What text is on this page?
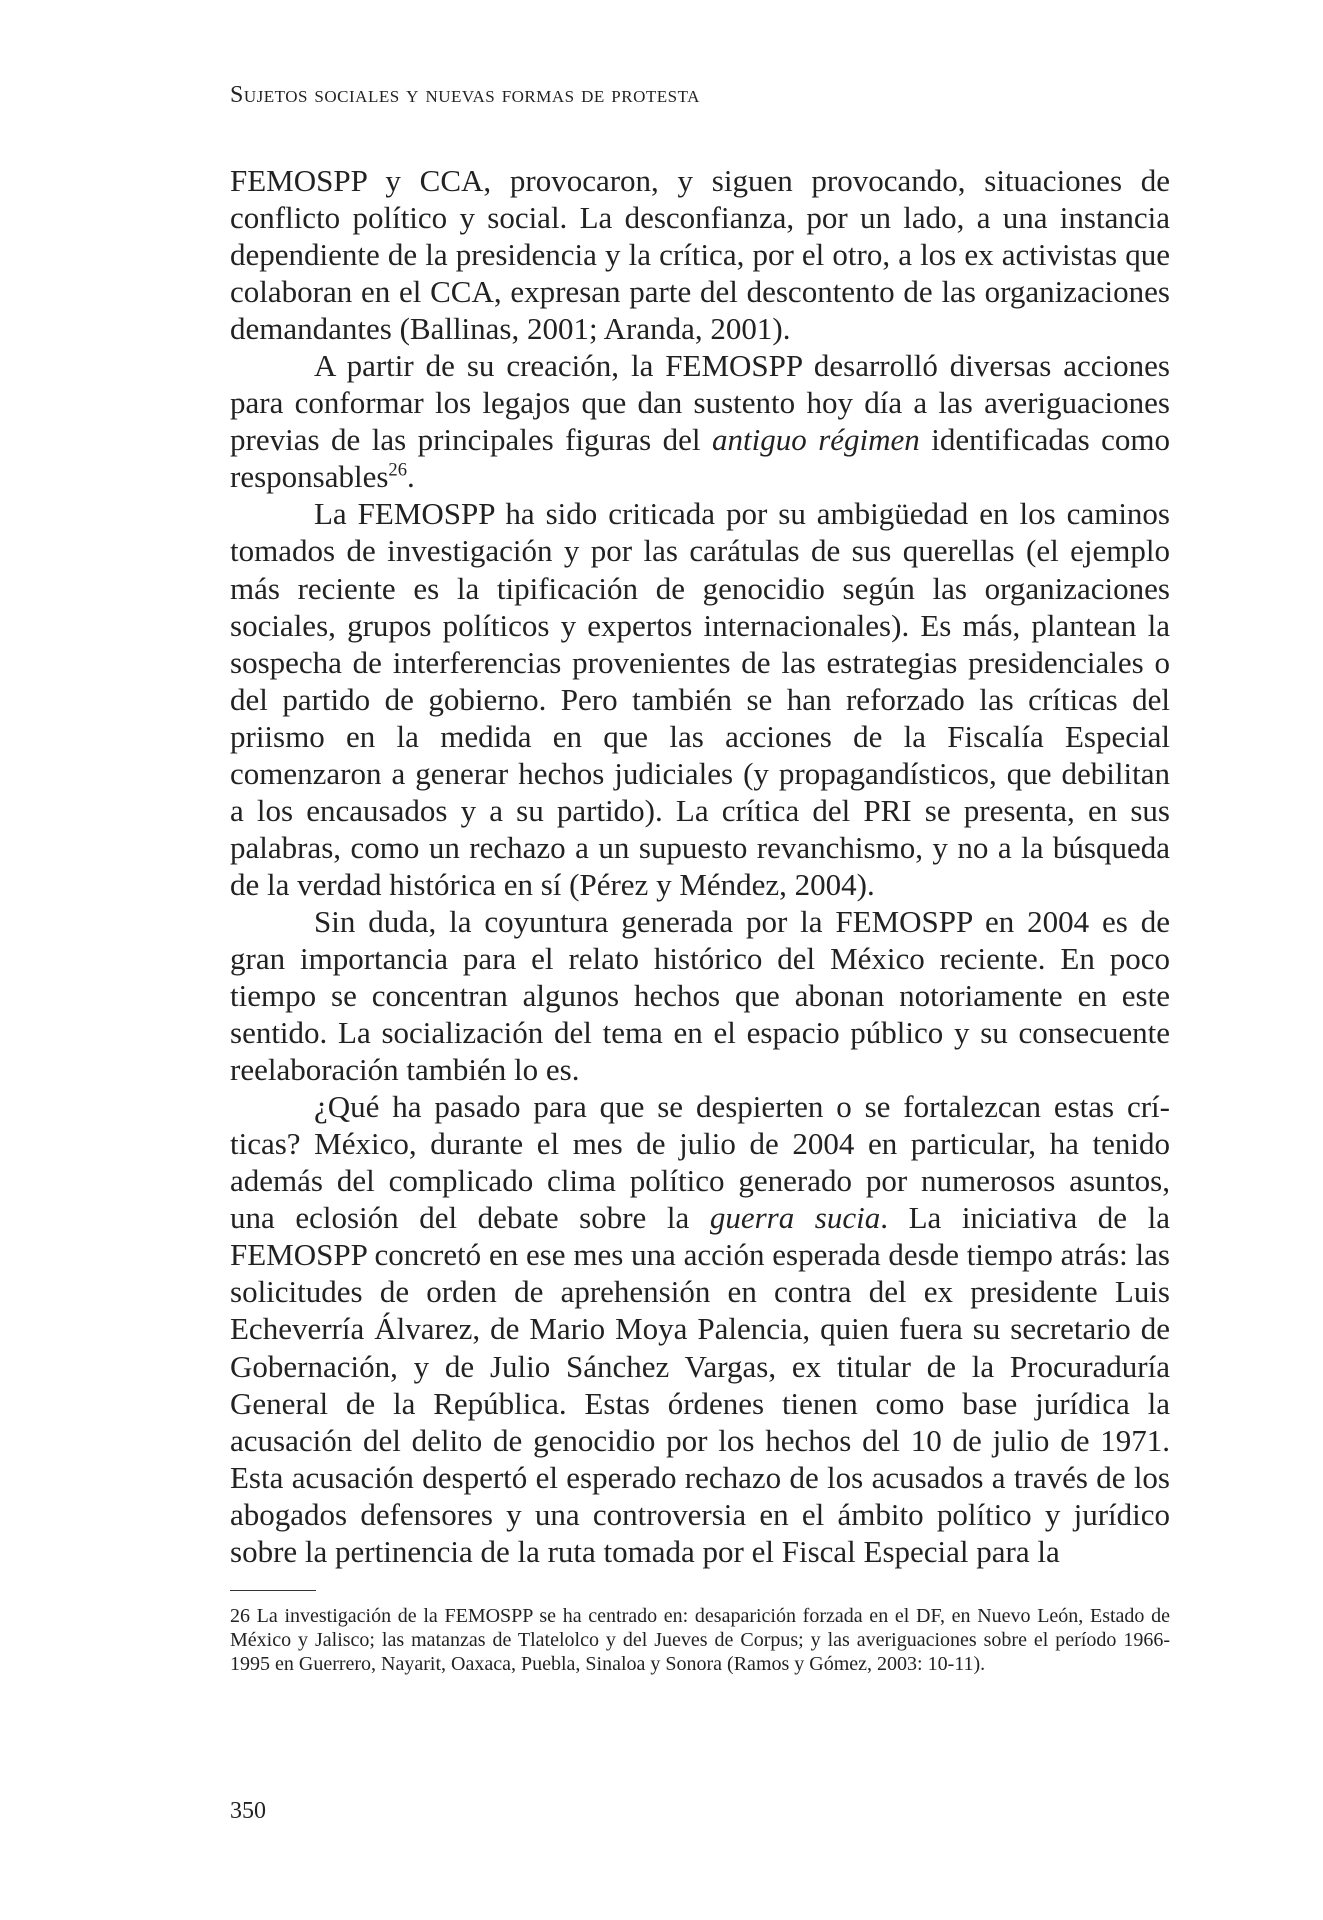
Sujetos sociales y nuevas formas de protesta

FEMOSPP y CCA, provocaron, y siguen provocando, situaciones de conflicto político y social. La desconfianza, por un lado, a una instancia dependiente de la presidencia y la crítica, por el otro, a los ex activistas que colaboran en el CCA, expresan parte del descontento de las organizaciones demandantes (Ballinas, 2001; Aranda, 2001).

A partir de su creación, la FEMOSPP desarrolló diversas acciones para conformar los legajos que dan sustento hoy día a las averiguaciones previas de las principales figuras del antiguo régimen identificadas como responsables$^{26}$.

La FEMOSPP ha sido criticada por su ambigüedad en los caminos tomados de investigación y por las carátulas de sus querellas (el ejemplo más reciente es la tipificación de genocidio según las organizaciones sociales, grupos políticos y expertos internacionales). Es más, plantean la sospecha de interferencias provenientes de las estrategias presidenciales o del partido de gobierno. Pero también se han reforzado las críticas del priismo en la medida en que las acciones de la Fiscalía Especial comenzaron a generar hechos judiciales (y propagandísticos, que debilitan a los encausados y a su partido). La crítica del PRI se presenta, en sus palabras, como un rechazo a un supuesto revanchismo, y no a la búsqueda de la verdad histórica en sí (Pérez y Méndez, 2004).

Sin duda, la coyuntura generada por la FEMOSPP en 2004 es de gran importancia para el relato histórico del México reciente. En poco tiempo se concentran algunos hechos que abonan notoriamente en este sentido. La socialización del tema en el espacio público y su consecuente reelaboración también lo es.

¿Qué ha pasado para que se despierten o se fortalezcan estas críticas? México, durante el mes de julio de 2004 en particular, ha tenido además del complicado clima político generado por numerosos asuntos, una eclosión del debate sobre la guerra sucia. La iniciativa de la FEMOSPP concretó en ese mes una acción esperada desde tiempo atrás: las solicitudes de orden de aprehensión en contra del ex presidente Luis Echeverría Álvarez, de Mario Moya Palencia, quien fuera su secretario de Gobernación, y de Julio Sánchez Vargas, ex titular de la Procuraduría General de la República. Estas órdenes tienen como base jurídica la acusación del delito de genocidio por los hechos del 10 de julio de 1971. Esta acusación despertó el esperado rechazo de los acusados a través de los abogados defensores y una controversia en el ámbito político y jurídico sobre la pertinencia de la ruta tomada por el Fiscal Especial para la

26 La investigación de la FEMOSPP se ha centrado en: desaparición forzada en el DF, en Nuevo León, Estado de México y Jalisco; las matanzas de Tlatelolco y del Jueves de Corpus; y las averiguaciones sobre el período 1966-1995 en Guerrero, Nayarit, Oaxaca, Puebla, Sinaloa y Sonora (Ramos y Gómez, 2003: 10-11).

350
